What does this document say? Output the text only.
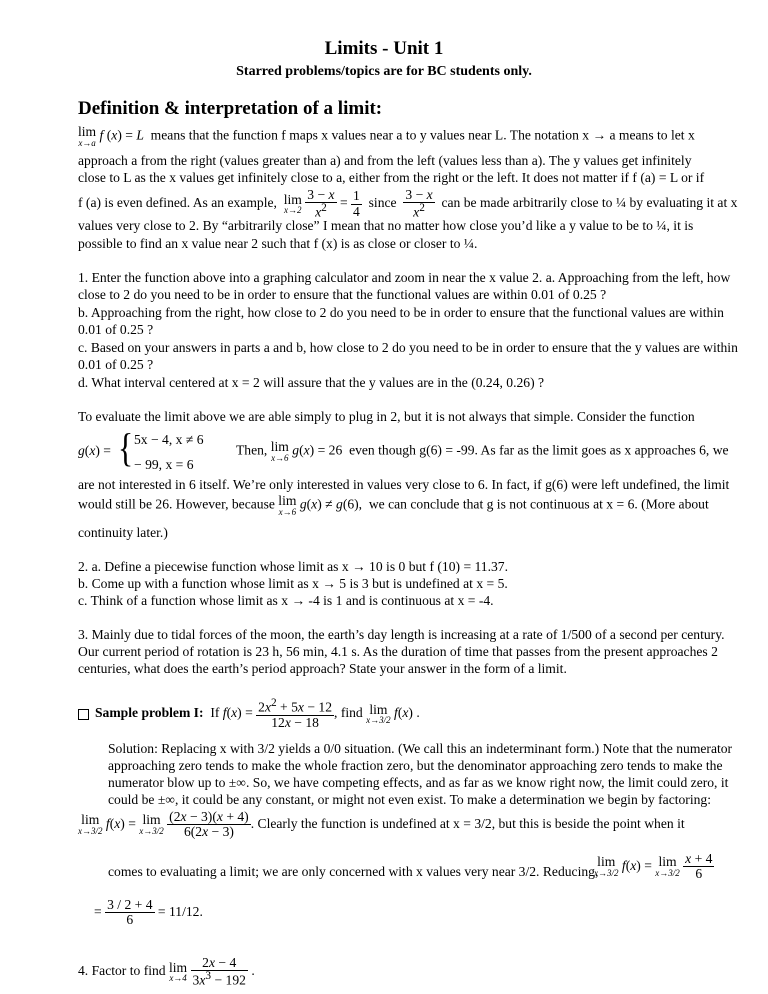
Limits - Unit 1
Starred problems/topics are for BC students only.
Definition & interpretation of a limit:
lim
x→a
f (x) = L means that the function f maps x values near a to y values near L. The notation x → a means to let x
approach a from the right (values greater than a) and from the left (values less than a). The y values get infinitely
close to L as the x values get infinitely close to a, either from the right or the left. It does not matter if f (a) = L or if
f (a) is even defined. As an example, lim
x→2
$\frac{3 - x}{x^2} = \frac{1}{4}$ since $\frac{3 - x}{x^2}$ can be made arbitrarily close to ¼ by evaluating it at x
values very close to 2. By “arbitrarily close” I mean that no matter how close you’d like a y value to be to ¼, it is
possible to find an x value near 2 such that f (x) is as close or closer to ¼.
1. Enter the function above into a graphing calculator and zoom in near the x value 2. a. Approaching from the left, how
close to 2 do you need to be in order to ensure that the functional values are within 0.01 of 0.25 ?
b. Approaching from the right, how close to 2 do you need to be in order to ensure that the functional values are within
0.01 of 0.25 ?
c. Based on your answers in parts a and b, how close to 2 do you need to be in order to ensure that the y values are within
0.01 of 0.25 ?
d. What interval centered at x = 2 will assure that the y values are in the (0.24, 0.26) ?
To evaluate the limit above we are able simply to plug in 2, but it is not always that simple. Consider the function
g(x) = { 5x − 4, x ≠ 6
− 99, x = 6
Then, lim
x→6
g(x) = 26  even though g(6) = -99. As far as the limit goes as x approaches 6, we
are not interested in 6 itself. We’re only interested in values very close to 6. In fact, if g(6) were left undefined, the limit
would still be 26. However, because lim
x→6
g(x) ≠ g(6),  we can conclude that g is not continuous at x = 6. (More about
continuity later.)
2. a. Define a piecewise function whose limit as x → 10 is 0 but f (10) = 11.37.
b. Come up with a function whose limit as x → 5 is 3 but is undefined at x = 5.
c. Think of a function whose limit as x → -4 is 1 and is continuous at x = -4.
3. Mainly due to tidal forces of the moon, the earth’s day length is increasing at a rate of 1/500 of a second per century.
Our current period of rotation is 23 h, 56 min, 4.1 s. As the duration of time that passes from the present approaches 2
centuries, what does the earth’s period approach? State your answer in the form of a limit.
Sample problem I: If $f(x) = \frac{2x^2 + 5x - 12}{12x - 18}$ , find lim
x→3/2
f(x) .
Solution: Replacing x with 3/2 yields a 0/0 situation. (We call this an indeterminant form.) Note that the numerator
approaching zero tends to make the whole fraction zero, but the denominator approaching zero tends to make the
numerator blow up to ±∞. So, we have competing effects, and as far as we know right now, the limit could zero, it
could be ±∞, it could be any constant, or might not even exist. To make a determination we begin by factoring:
lim
x→3/2
f(x) = lim
x→3/2
$\frac{(2x - 3)(x + 4)}{6(2x - 3)}$ . Clearly the function is undefined at x = 3/2, but this is beside the point when it
comes to evaluating a limit; we are only concerned with x values very near 3/2. Reducing,
lim
x→3/2
f(x) = lim
x→3/2
$\frac{x + 4}{6}$
= $\frac{3 / 2 + 4}{6} = 11/12$.
4. Factor to find lim
x→4
$\frac{2x - 4}{3x^3 - 192}$ .
